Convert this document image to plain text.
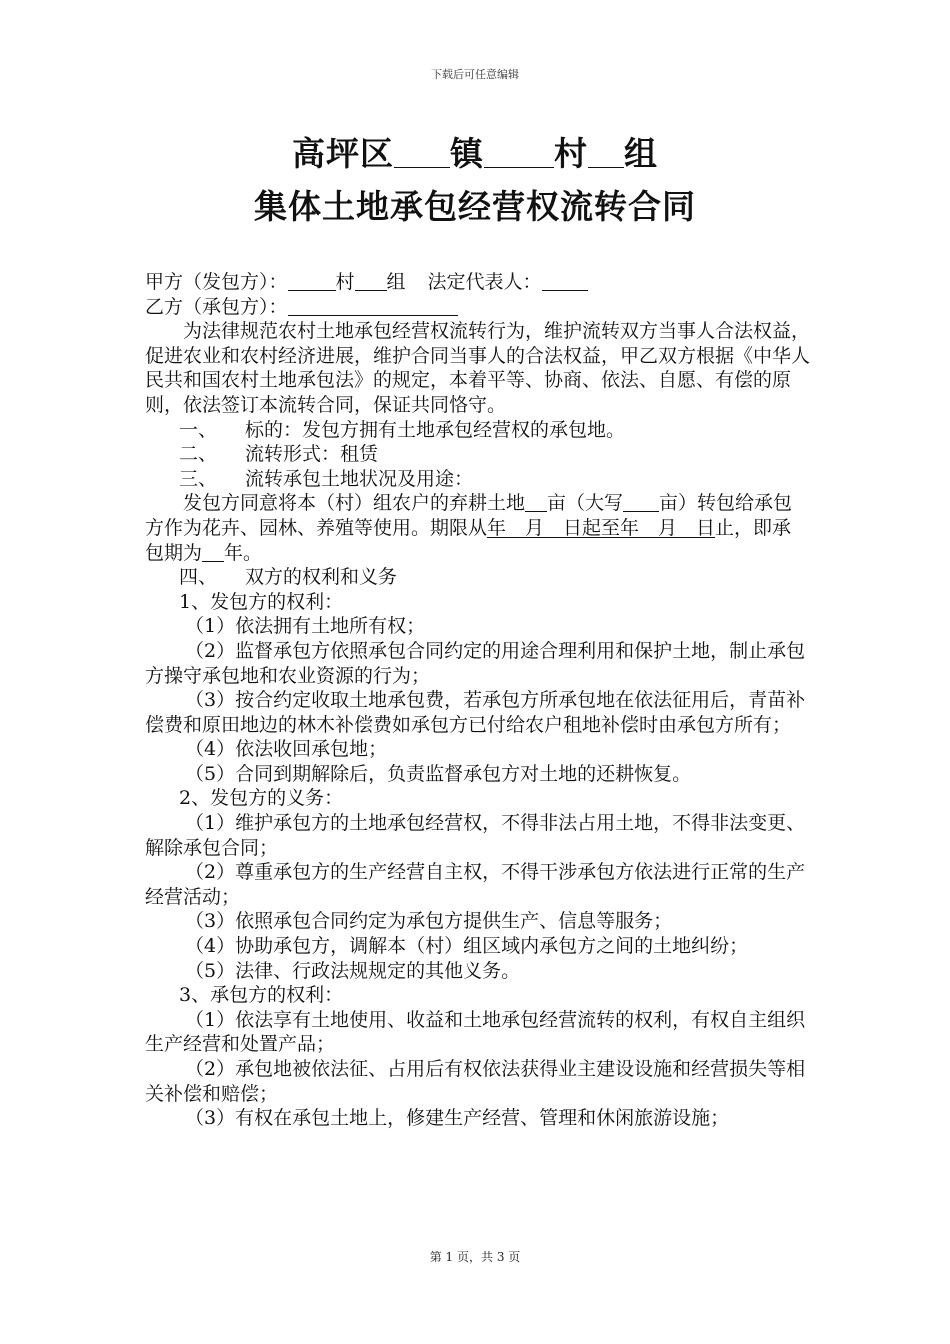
下载后可任意编辑
高坪区 镇 村 组
集体土地承包经营权流转合同

甲方（发包方）：	村 组 法定代表人：

乙方（承包方）：

为法律规范农村土地承包经营权流转行为，维护流转双方当事人合法权益，促进农业和农村经济进展，维护合同当事人的合法权益，甲乙双方根据《中华人民共和国农村土地承包法》的规定，本着平等、协商、依法、自愿、有偿的原则，依法签订本流转合同，保证共同恪守。

一、 标的：发包方拥有土地承包经营权的承包地。

二、 流转形式：租赁

三、 流转承包土地状况及用途：

发包方同意将本（村）组农户的弃耕土地 亩（大写 亩）转包给承包方作为花卉、园林、养殖等使用。期限从年　月　日起至年　月　日止，即承包期为 年。

四、 双方的权利和义务

1、发包方的权利：

（1）依法拥有土地所有权；

（2）监督承包方依照承包合同约定的用途合理利用和保护土地，制止承包方操守承包地和农业资源的行为；

（3）按合约定收取土地承包费，若承包方所承包地在依法征用后，青苗补偿费和原田地边的林木补偿费如承包方已付给农户租地补偿时由承包方所有；

（4）依法收回承包地；

（5）合同到期解除后，负责监督承包方对土地的还耕恢复。

2、发包方的义务：

（1）维护承包方的土地承包经营权，不得非法占用土地，不得非法变更、解除承包合同；

（2）尊重承包方的生产经营自主权，不得干涉承包方依法进行正常的生产经营活动；

（3）依照承包合同约定为承包方提供生产、信息等服务；

（4）协助承包方，调解本（村）组区域内承包方之间的土地纠纷；

（5）法律、行政法规规定的其他义务。

3、承包方的权利：

（1）依法享有土地使用、收益和土地承包经营流转的权利，有权自主组织生产经营和处置产品；

（2）承包地被依法征、占用后有权依法获得业主建设设施和经营损失等相关补偿和赔偿；

（3）有权在承包土地上，修建生产经营、管理和休闲旅游设施；

第 1 页，共 3 页
